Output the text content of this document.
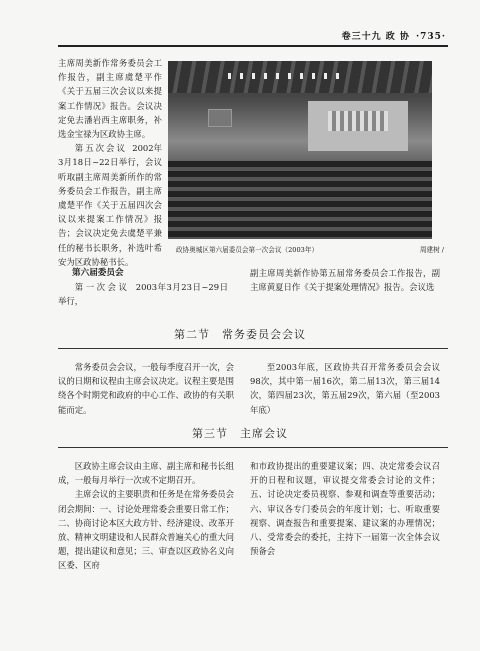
卷三十九 政 协 ·735·

主席周美新作常务委员会工作报告，副主席虞楚平作《关于五届三次会议以来提案工作情况》报告。会议决定免去潘岩西主席职务，补选金宝禄为区政协主席。

第五次会议 2002年3月18日~22日举行，会议听取副主席周美新所作的常务委员会工作报告，副主席虞楚平作《关于五届四次会议以来提案工作情况》报告；会议决定免去虞楚平兼任的秘书长职务，补选叶希安为区政协秘书长。

政协奥城区第六届委员会第一次会议（2003年）	周建树 /
第六届委员会

第一次会议 2003年3月23日~29日举行，

副主席周美新作协第五届常务委员会工作报告，副主席黄夏日作《关于提案处理情况》报告。会议选

第二节　常务委员会会议

常务委员会会议，一般每季度召开一次，会议的日期和议程由主席会议决定。议程主要是围绕各个时期党和政府的中心工作、政协的有关职能而定。

至2003年底，区政协共召开常务委员会会议98次，其中第一届16次，第二届13次，第三届14次，第四届23次，第五届29次，第六届（至2003年底）

第三节　主席会议

区政协主席会议由主席、副主席和秘书长组成，一般每月举行一次或不定期召开。

主席会议的主要职责和任务是在常务委员会闭会期间：一、讨论处理常委会重要日常工作；二、协商讨论本区大政方针、经济建设、改革开放、精神文明建设和人民群众普遍关心的重大问题，提出建议和意见；三、审查以区政协名义向区委、区府

和市政协提出的重要建议案；四、决定常委会议召开的日程和议题，审议提交常委会讨论的文件；五、讨论决定委员视察、参观和调查等重要活动；六、审议各专门委员会的年度计划；七、听取重要视察、调查报告和重要提案、建议案的办理情况；八、受常委会的委托，主持下一届第一次全体会议预备会
